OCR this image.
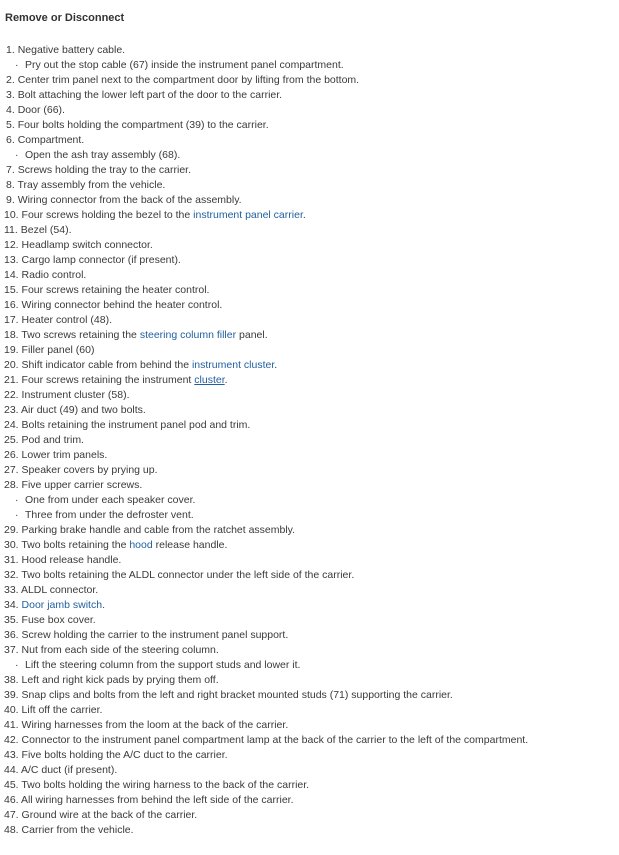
Remove or Disconnect
1. Negative battery cable.
· Pry out the stop cable (67) inside the instrument panel compartment.
2. Center trim panel next to the compartment door by lifting from the bottom.
3. Bolt attaching the lower left part of the door to the carrier.
4. Door (66).
5. Four bolts holding the compartment (39) to the carrier.
6. Compartment.
· Open the ash tray assembly (68).
7. Screws holding the tray to the carrier.
8. Tray assembly from the vehicle.
9. Wiring connector from the back of the assembly.
10. Four screws holding the bezel to the instrument panel carrier.
11. Bezel (54).
12. Headlamp switch connector.
13. Cargo lamp connector (if present).
14. Radio control.
15. Four screws retaining the heater control.
16. Wiring connector behind the heater control.
17. Heater control (48).
18. Two screws retaining the steering column filler panel.
19. Filler panel (60)
20. Shift indicator cable from behind the instrument cluster.
21. Four screws retaining the instrument cluster.
22. Instrument cluster (58).
23. Air duct (49) and two bolts.
24. Bolts retaining the instrument panel pod and trim.
25. Pod and trim.
26. Lower trim panels.
27. Speaker covers by prying up.
28. Five upper carrier screws.
· One from under each speaker cover.
· Three from under the defroster vent.
29. Parking brake handle and cable from the ratchet assembly.
30. Two bolts retaining the hood release handle.
31. Hood release handle.
32. Two bolts retaining the ALDL connector under the left side of the carrier.
33. ALDL connector.
34. Door jamb switch.
35. Fuse box cover.
36. Screw holding the carrier to the instrument panel support.
37. Nut from each side of the steering column.
· Lift the steering column from the support studs and lower it.
38. Left and right kick pads by prying them off.
39. Snap clips and bolts from the left and right bracket mounted studs (71) supporting the carrier.
40. Lift off the carrier.
41. Wiring harnesses from the loom at the back of the carrier.
42. Connector to the instrument panel compartment lamp at the back of the carrier to the left of the compartment.
43. Five bolts holding the A/C duct to the carrier.
44. A/C duct (if present).
45. Two bolts holding the wiring harness to the back of the carrier.
46. All wiring harnesses from behind the left side of the carrier.
47. Ground wire at the back of the carrier.
48. Carrier from the vehicle.
